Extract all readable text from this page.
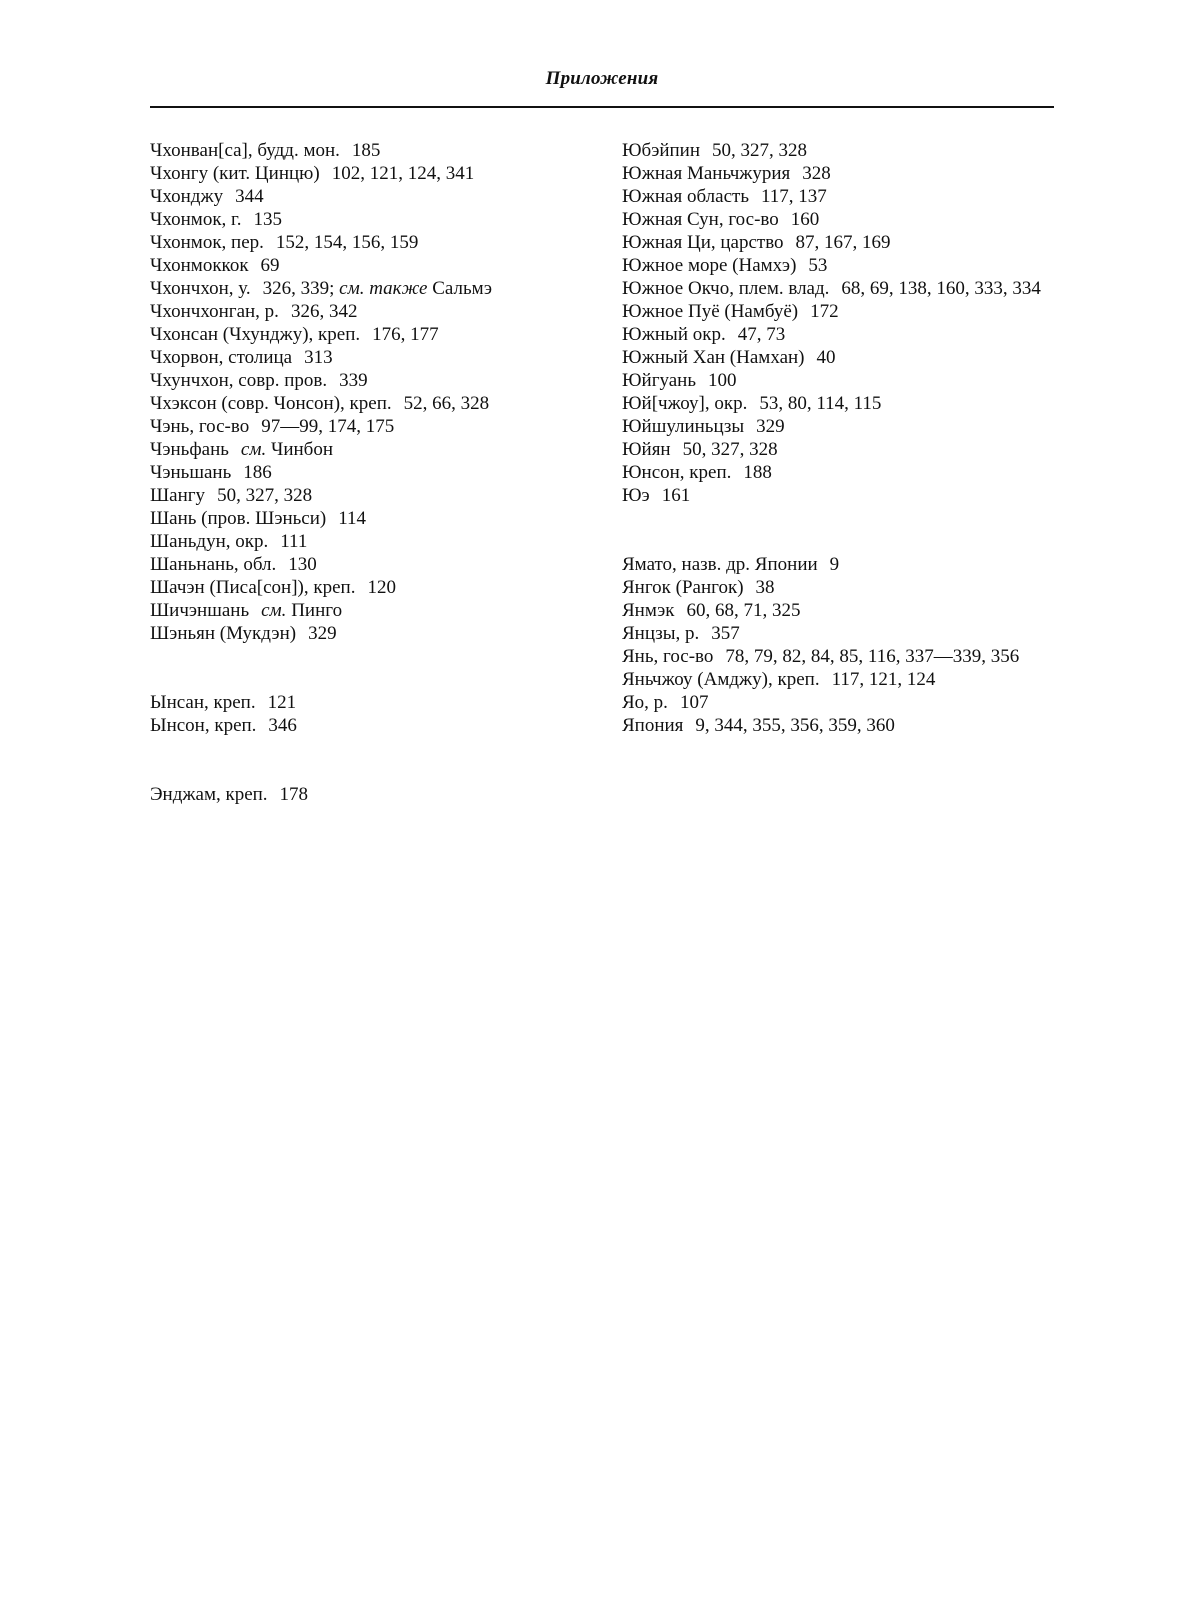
Приложения
Чхонван[са], будд. мон. 185
Чхонгу (кит. Цинцю) 102, 121, 124, 341
Чхонджу 344
Чхонмок, г. 135
Чхонмок, пер. 152, 154, 156, 159
Чхонмоккок 69
Чхончхон, у. 326, 339; см. также Сальмэ
Чхончхонган, р. 326, 342
Чхонсан (Чхунджу), креп. 176, 177
Чхорвон, столица 313
Чхунчхон, совр. пров. 339
Чхэксон (совр. Чонсон), креп. 52, 66, 328
Чэнь, гос-во 97—99, 174, 175
Чэньфань см. Чинбон
Чэньшань 186
Шангу 50, 327, 328
Шань (пров. Шэньси) 114
Шаньдун, окр. 111
Шаньнань, обл. 130
Шачэн (Писа[сон]), креп. 120
Шичэншань см. Пинго
Шэньян (Мукдэн) 329
Ынсан, креп. 121
Ынсон, креп. 346
Энджам, креп. 178
Юбэйпин 50, 327, 328
Южная Маньчжурия 328
Южная область 117, 137
Южная Сун, гос-во 160
Южная Ци, царство 87, 167, 169
Южное море (Намхэ) 53
Южное Окчо, плем. влад. 68, 69, 138, 160, 333, 334
Южное Пуё (Намбуё) 172
Южный окр. 47, 73
Южный Хан (Намхан) 40
Юйгуань 100
Юй[чжоу], окр. 53, 80, 114, 115
Юйшулиньцзы 329
Юйян 50, 327, 328
Юнсон, креп. 188
Юэ 161
Ямато, назв. др. Японии 9
Янгок (Рангок) 38
Янмэк 60, 68, 71, 325
Янцзы, р. 357
Янь, гос-во 78, 79, 82, 84, 85, 116, 337—339, 356
Яньчжоу (Амджу), креп. 117, 121, 124
Яо, р. 107
Япония 9, 344, 355, 356, 359, 360
